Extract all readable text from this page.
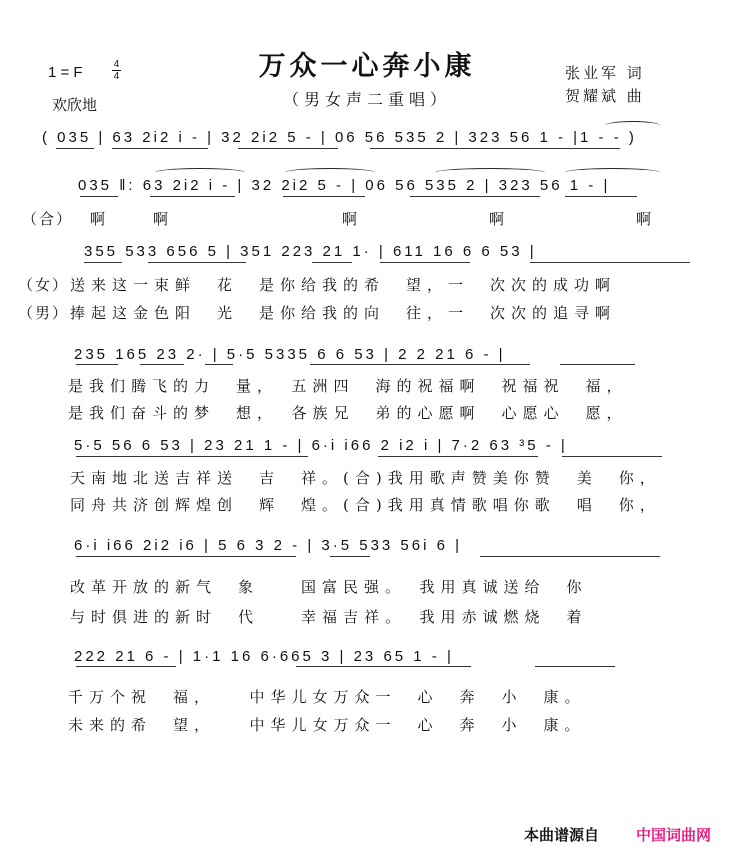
万众一心奔小康
（男女声二重唱）
1 = F	4
4
欢欣地
张业军 词
贺耀斌 曲
( 035 | 63 2i2 i - | 32 2i2 5 - | 06 56 535 2 | 323 56 1 - |1 - - )
035 ‖: 63 2i2 i - | 32 2i2 5 - | 06 56 535 2 | 323 56 1 - |
（合） 啊　　啊　　　　　　　　啊　　　　　　啊　　　　　　啊
355 533 656 5 | 351 223 21 1· | 611 16 6 6 53 |
（女） 送来这一束鲜　花　是你给我的希　望，一　次次的成功啊
（男） 捧起这金色阳　光　是你给我的向　往，一　次次的追寻啊
235 165 23 2· | 5·5 5335 6 6 53 | 2 2 21 6 - |
是我们腾飞的力　量，　五洲四　海的祝福啊　祝福祝　福，
是我们奋斗的梦　想，　各族兄　弟的心愿啊　心愿心　愿，
5·5 56 6 53 | 23 21 1 - | 6·i i66 2 i2 i | 7·2 63 ³5 - |
天南地北送吉祥送　吉　祥。(合)我用歌声赞美你赞　美　你，
同舟共济创辉煌创　辉　煌。(合)我用真情歌唱你歌　唱　你，
6·i i66 2i2 i6 | 5 6 3 2 - | 3·5 533 56i 6 |
改革开放的新气　象　　国富民强。　我用真诚送给　你
与时俱进的新时　代　　幸福吉祥。　我用赤诚燃烧　着
222 21 6 - | 1·1 16 6·665 3 | 23 65 1 - |
千万个祝　福，　　中华儿女万众一　心　奔　小　康。
未来的希　望，　　中华儿女万众一　心　奔　小　康。
本曲谱源自 中国词曲网
